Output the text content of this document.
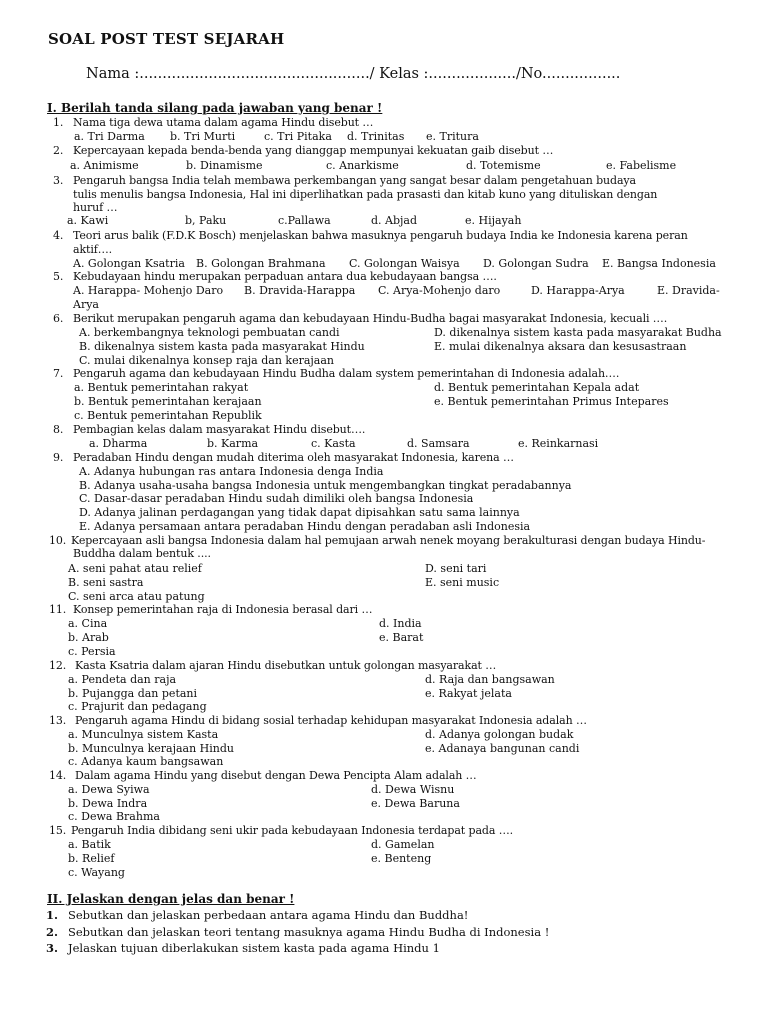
SOAL POST TEST SEJARAH
Nama :................................................../ Kelas :.................../No.................
I. Berilah tanda silang pada jawaban yang benar !
1. Nama tiga dewa utama dalam agama Hindu disebut …
a. Tri Darma b. Tri Murti	c. Tri Pitaka d. Trinitas e. Tritura
2. Kepercayaan kepada benda-benda yang dianggap mempunyai kekuatan gaib disebut …
a. Animisme	b. Dinamisme	c. Anarkisme	d. Totemisme	e. Fabelisme
3. Pengaruh bangsa India telah membawa perkembangan yang sangat besar dalam pengetahuan budaya
tulis menulis bangsa Indonesia, Hal ini diperlihatkan pada prasasti dan kitab kuno yang dituliskan dengan
huruf …
a. Kawi	b, Paku	c.Pallawa	d. Abjad	e. Hijayah
4. Teori arus balik (F.D.K Bosch) menjelaskan bahwa masuknya pengaruh budaya India ke Indonesia karena peran
aktif….
A. Golongan Ksatria B. Golongan Brahmana C. Golongan Waisya D. Golongan Sudra E. Bangsa Indonesia
5. Kebudayaan hindu merupakan perpaduan antara dua kebudayaan bangsa ….
A. Harappa- Mohenjo Daro B. Dravida-Harappa C. Arya-Mohenjo daro	D. Harappa-Arya	E. Dravida-
Arya
6. Berikut merupakan pengaruh agama dan kebudayaan Hindu-Budha bagai masyarakat Indonesia, kecuali ….
A. berkembangnya teknologi pembuatan candi	D. dikenalnya sistem kasta pada masyarakat Budha
B. dikenalnya sistem kasta pada masyarakat Hindu	E. mulai dikenalnya aksara dan kesusastraan
C. mulai dikenalnya konsep raja dan kerajaan
7. Pengaruh agama dan kebudayaan Hindu Budha dalam system pemerintahan di Indonesia adalah….
a. Bentuk pemerintahan rakyat	d. Bentuk pemerintahan Kepala adat
b. Bentuk pemerintahan kerajaan	e. Bentuk pemerintahan Primus Intepares
c. Bentuk pemerintahan Republik
8. Pembagian kelas dalam masyarakat Hindu disebut….
a. Dharma	b. Karma	c. Kasta	d. Samsara	e. Reinkarnasi
9. Peradaban Hindu dengan mudah diterima oleh masyarakat Indonesia, karena …
A. Adanya hubungan ras antara Indonesia denga India
B. Adanya usaha-usaha bangsa Indonesia untuk mengembangkan tingkat peradabannya
C. Dasar-dasar peradaban Hindu sudah dimiliki oleh bangsa Indonesia
D. Adanya jalinan perdagangan yang tidak dapat dipisahkan satu sama lainnya
E. Adanya persamaan antara peradaban Hindu dengan peradaban asli Indonesia
10. Kepercayaan asli bangsa Indonesia dalam hal pemujaan arwah nenek moyang berakulturasi dengan budaya Hindu-
Buddha dalam bentuk ....
A. seni pahat atau relief	D. seni tari
B. seni sastra	E. seni music
C. seni arca atau patung
11. Konsep pemerintahan raja di Indonesia berasal dari …
a. Cina	d. India
b. Arab	e. Barat
c. Persia
12. Kasta Ksatria dalam ajaran Hindu disebutkan untuk golongan masyarakat …
a. Pendeta dan raja	d. Raja dan bangsawan
b. Pujangga dan petani	e. Rakyat jelata
c. Prajurit dan pedagang
13. Pengaruh agama Hindu di bidang sosial terhadap kehidupan masyarakat Indonesia adalah …
a. Munculnya sistem Kasta	d. Adanya golongan budak
b. Munculnya kerajaan Hindu	e. Adanaya bangunan candi
c. Adanya kaum bangsawan
14. Dalam agama Hindu yang disebut dengan Dewa Pencipta Alam adalah …
a. Dewa Syiwa	d. Dewa Wisnu
b. Dewa Indra	e. Dewa Baruna
c. Dewa Brahma
15. Pengaruh India dibidang seni ukir pada kebudayaan Indonesia terdapat pada ….
a. Batik	d. Gamelan
b. Relief	e. Benteng
c. Wayang
II. Jelaskan dengan jelas dan benar !
1. Sebutkan dan jelaskan perbedaan antara agama Hindu dan Buddha!
2. Sebutkan dan jelaskan teori tentang masuknya agama Hindu Budha di Indonesia !
3. Jelaskan tujuan diberlakukan sistem kasta pada agama Hindu 1
